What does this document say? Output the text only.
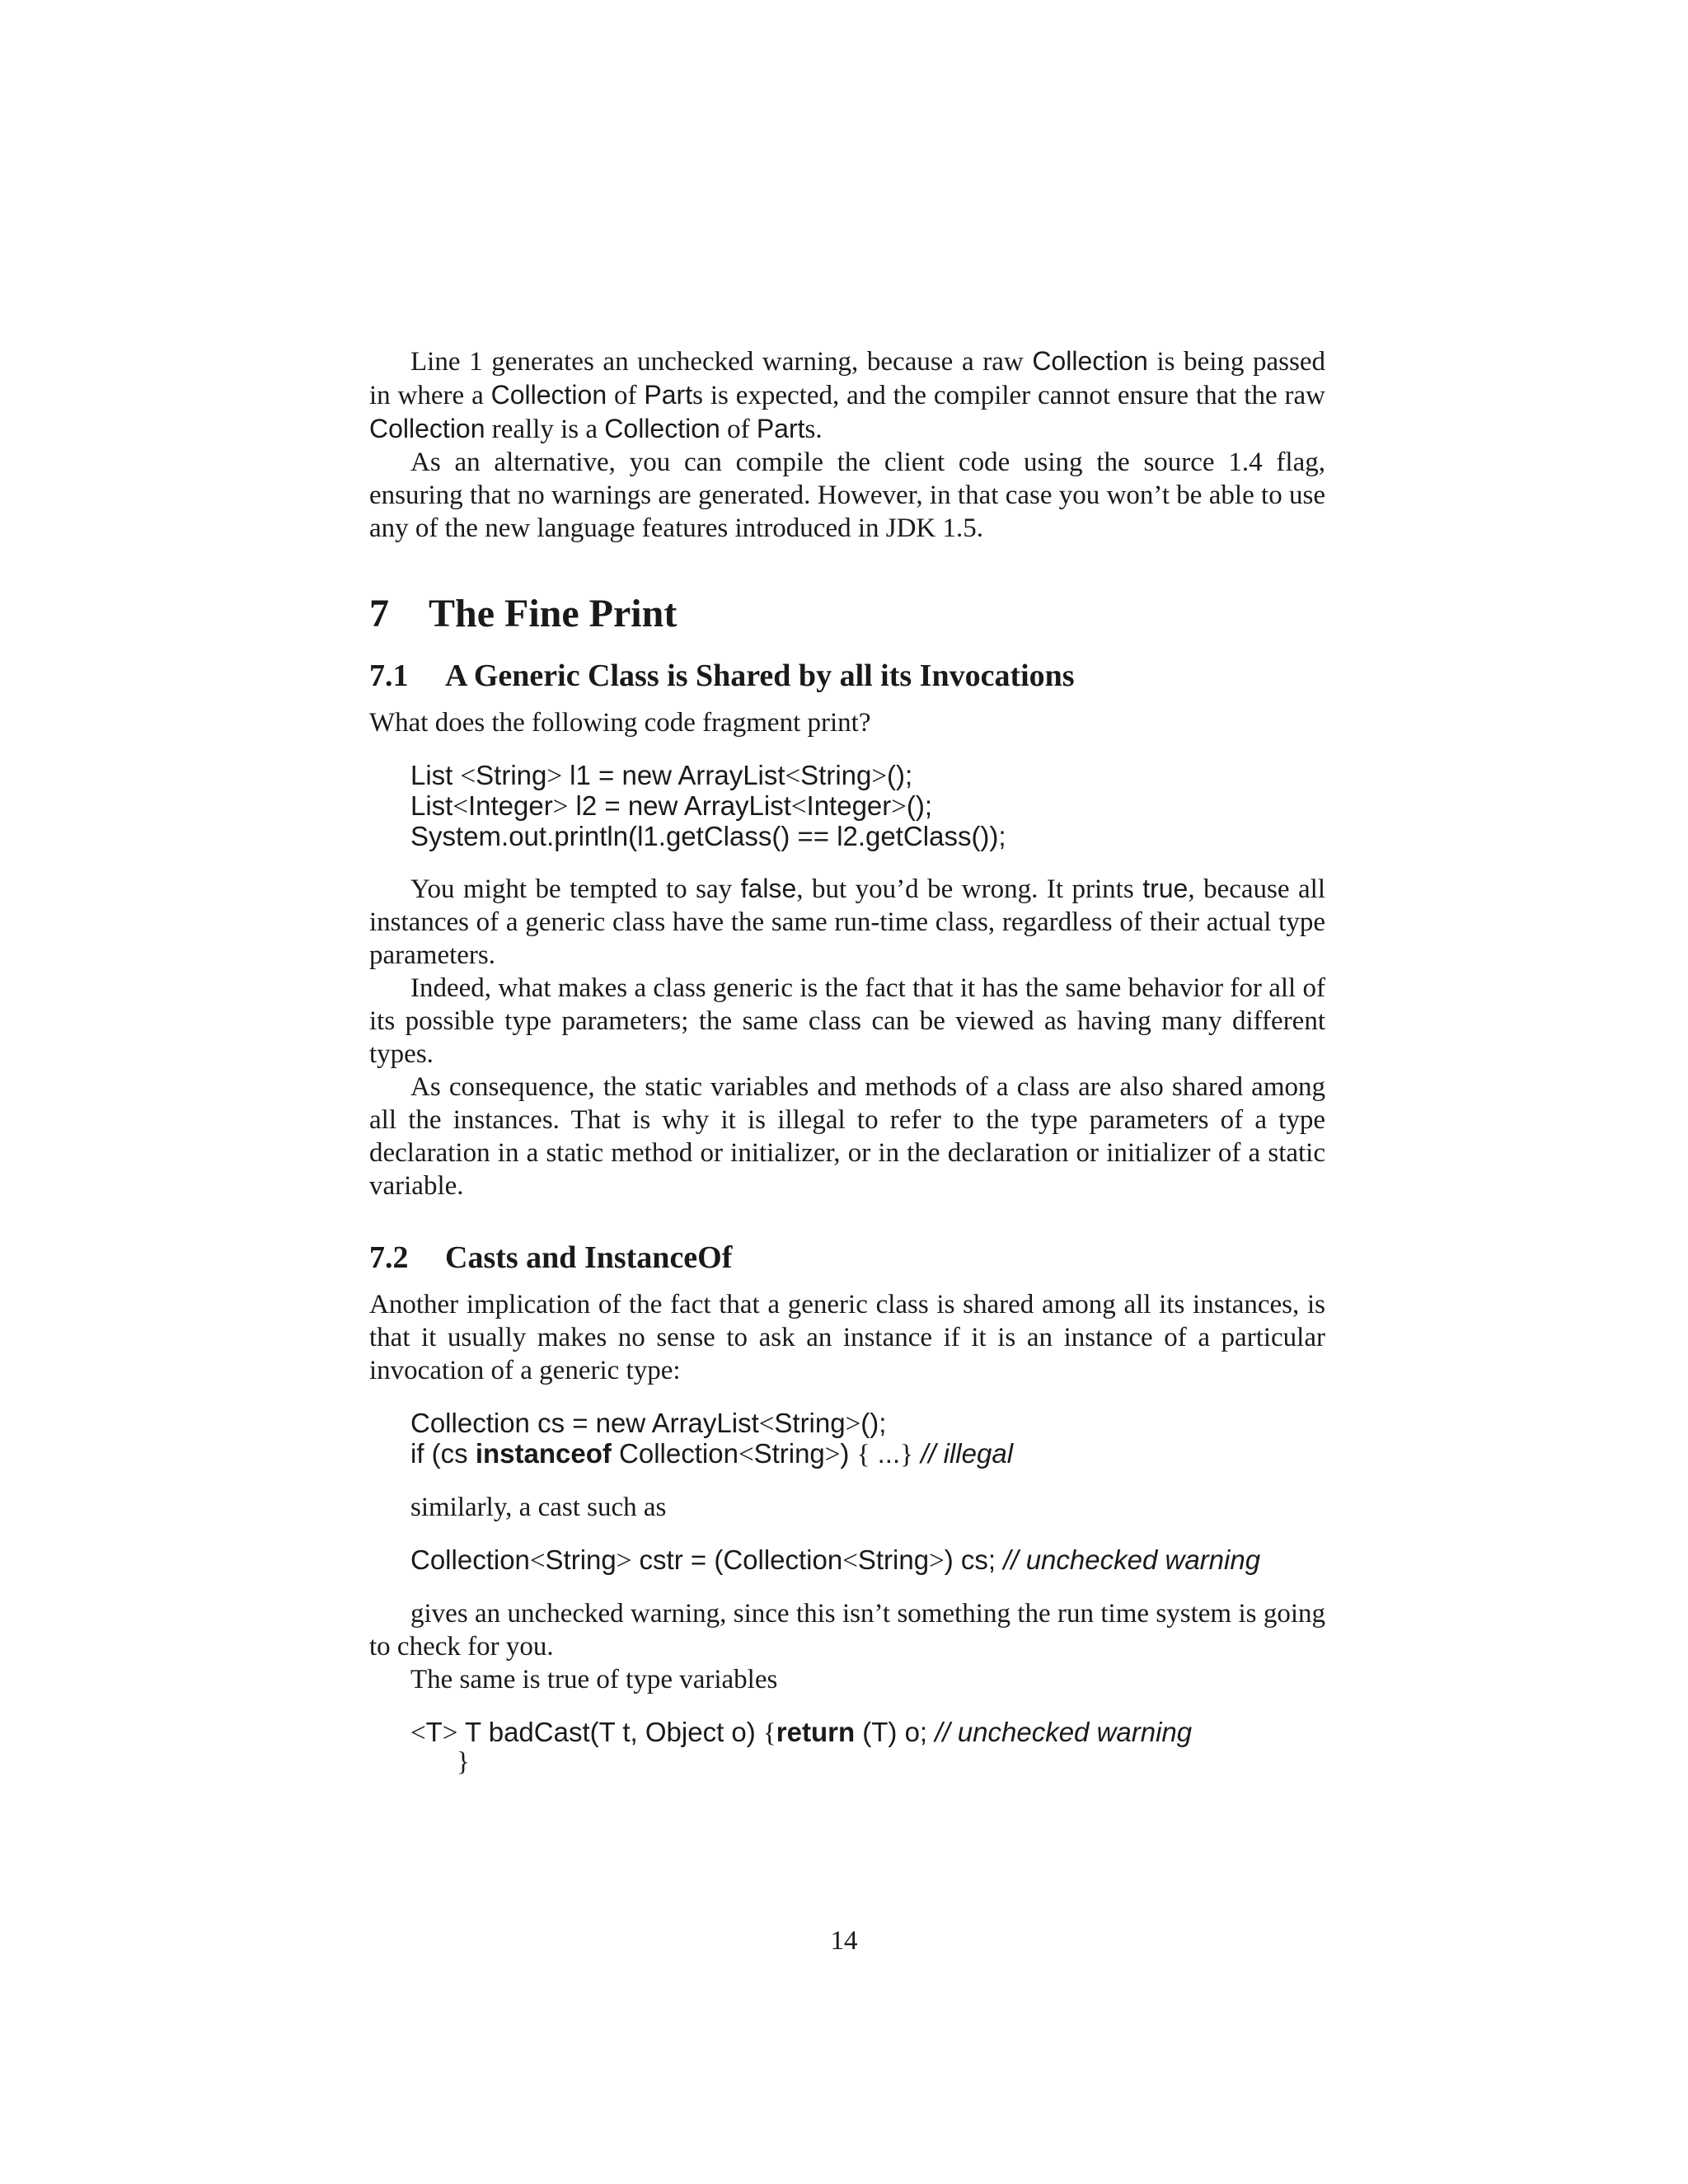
Line 1 generates an unchecked warning, because a raw Collection is being passed in where a Collection of Parts is expected, and the compiler cannot ensure that the raw Collection really is a Collection of Parts.

As an alternative, you can compile the client code using the source 1.4 flag, ensuring that no warnings are generated. However, in that case you won’t be able to use any of the new language features introduced in JDK 1.5.

7 The Fine Print
7.1 A Generic Class is Shared by all its Invocations

What does the following code fragment print?

List <String> l1 = new ArrayList<String>();
List<Integer> l2 = new ArrayList<Integer>();
System.out.println(l1.getClass() == l2.getClass());

You might be tempted to say false, but you’d be wrong. It prints true, because all instances of a generic class have the same run-time class, regardless of their actual type parameters.

Indeed, what makes a class generic is the fact that it has the same behavior for all of its possible type parameters; the same class can be viewed as having many different types.

As consequence, the static variables and methods of a class are also shared among all the instances. That is why it is illegal to refer to the type parameters of a type declaration in a static method or initializer, or in the declaration or initializer of a static variable.

7.2 Casts and InstanceOf

Another implication of the fact that a generic class is shared among all its instances, is that it usually makes no sense to ask an instance if it is an instance of a particular invocation of a generic type:

Collection cs = new ArrayList<String>();
if (cs instanceof Collection<String>) { ...} // illegal

similarly, a cast such as

Collection<String> cstr = (Collection<String>) cs; // unchecked warning

gives an unchecked warning, since this isn’t something the run time system is going to check for you.

The same is true of type variables

<T> T badCast(T t, Object o) {return (T) o; // unchecked warning
}
14
